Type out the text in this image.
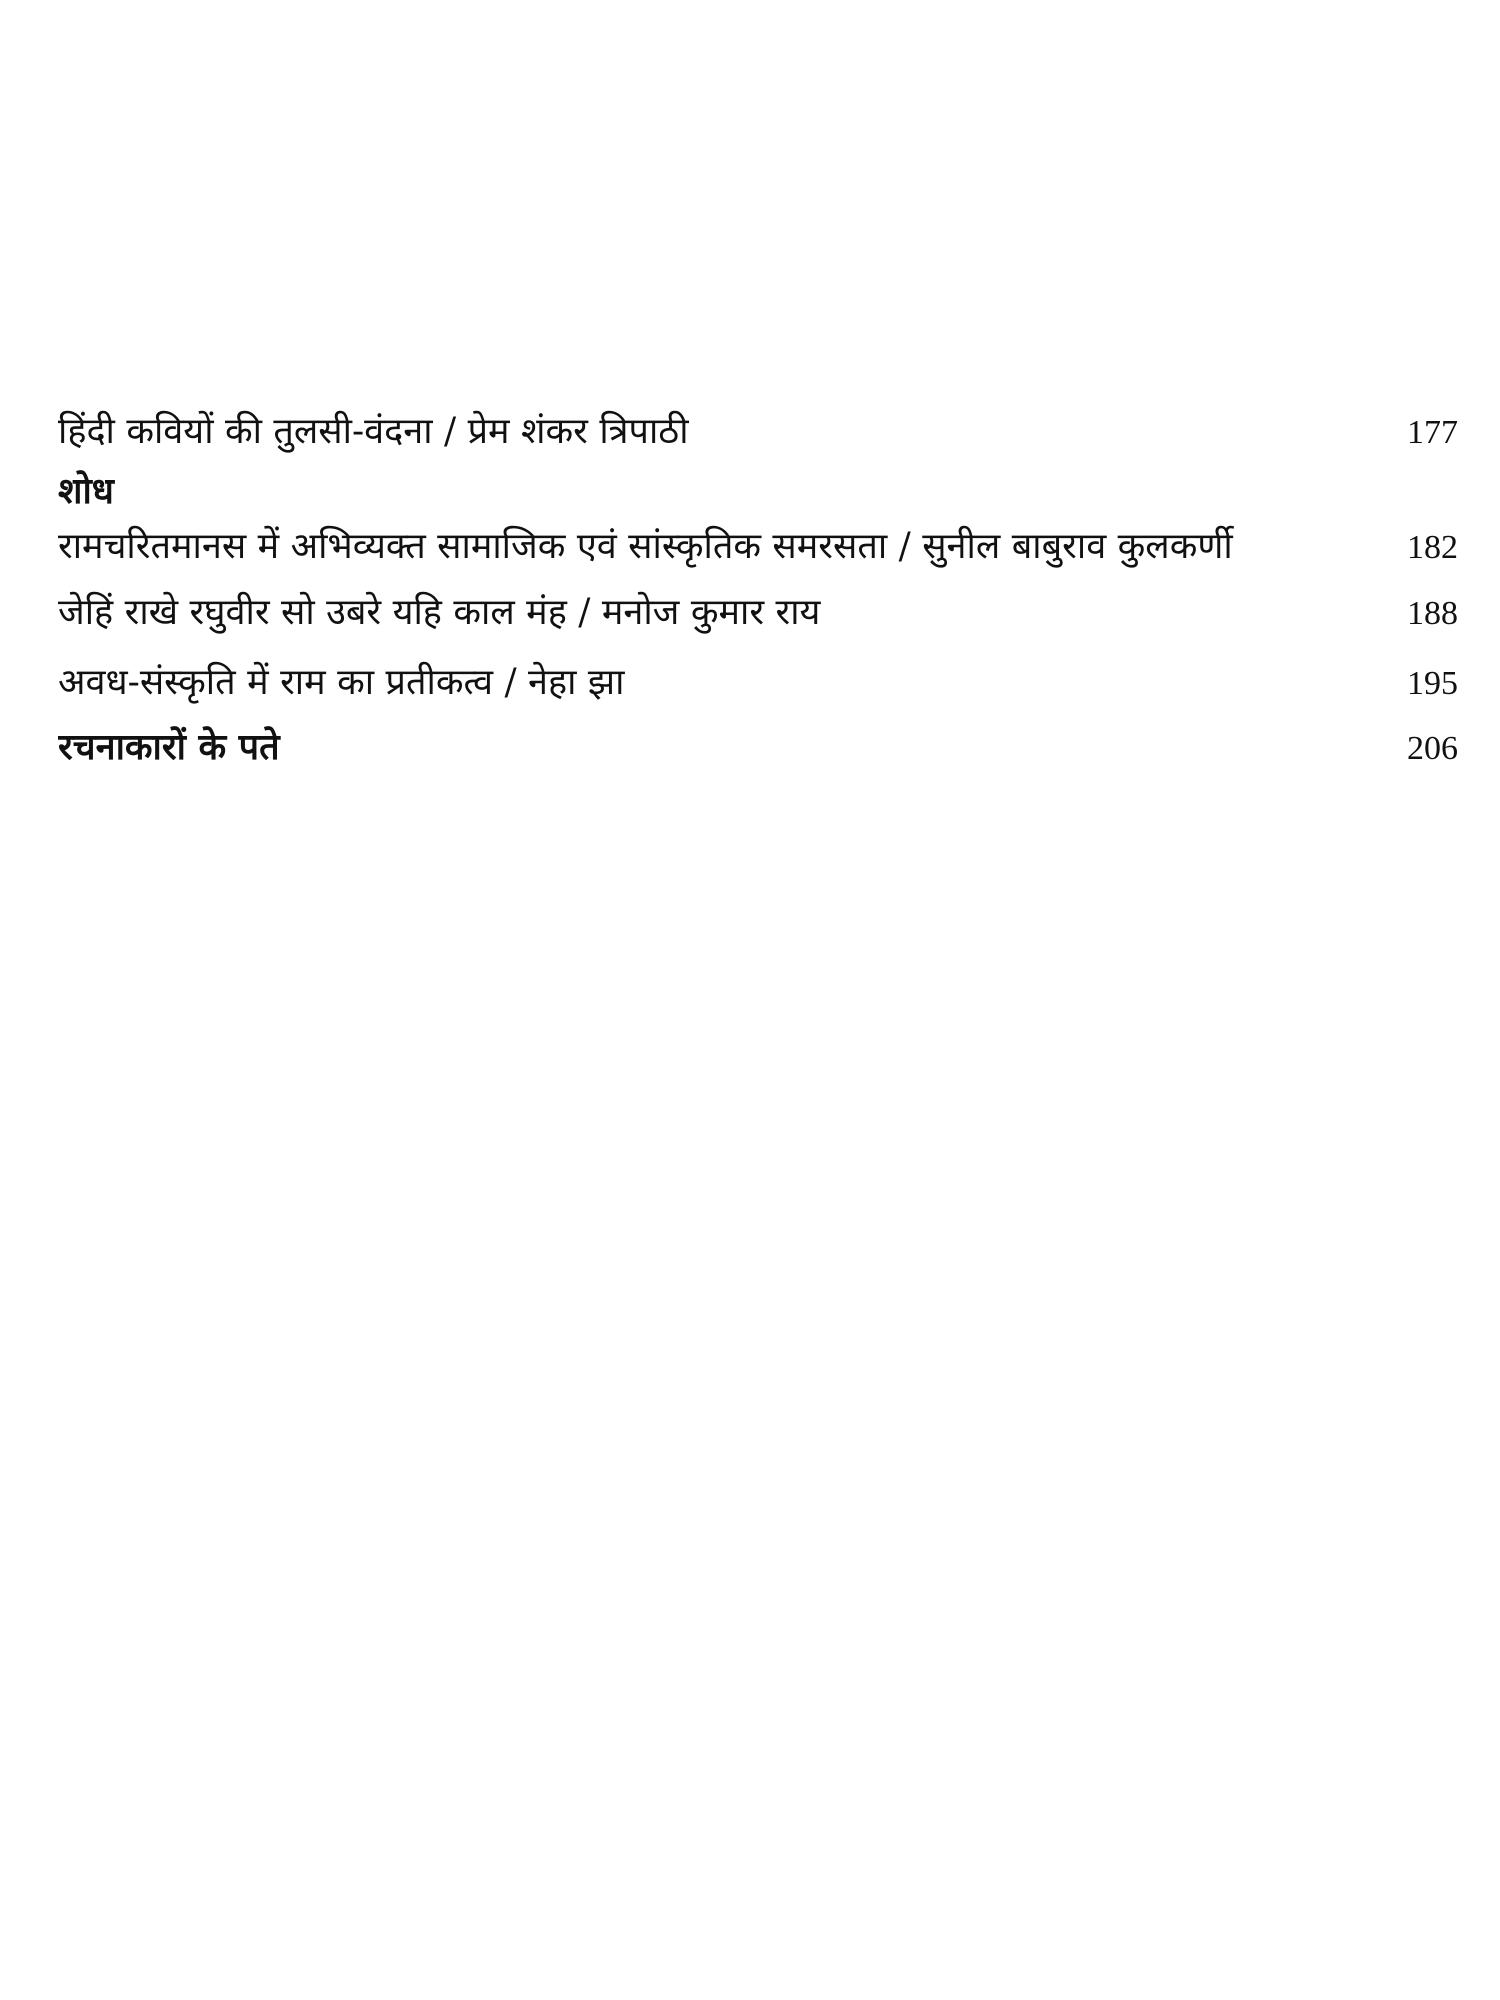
हिंदी कवियों की तुलसी-वंदना / प्रेम शंकर त्रिपाठी	177
शोध
रामचरितमानस में अभिव्यक्त सामाजिक एवं सांस्कृतिक समरसता / सुनील बाबुराव कुलकर्णी	182
जेहिं राखे रघुवीर सो उबरे यहि काल मंह / मनोज कुमार राय	188
अवध-संस्कृति में राम का प्रतीकत्व / नेहा झा	195
रचनाकारों के पते	206
